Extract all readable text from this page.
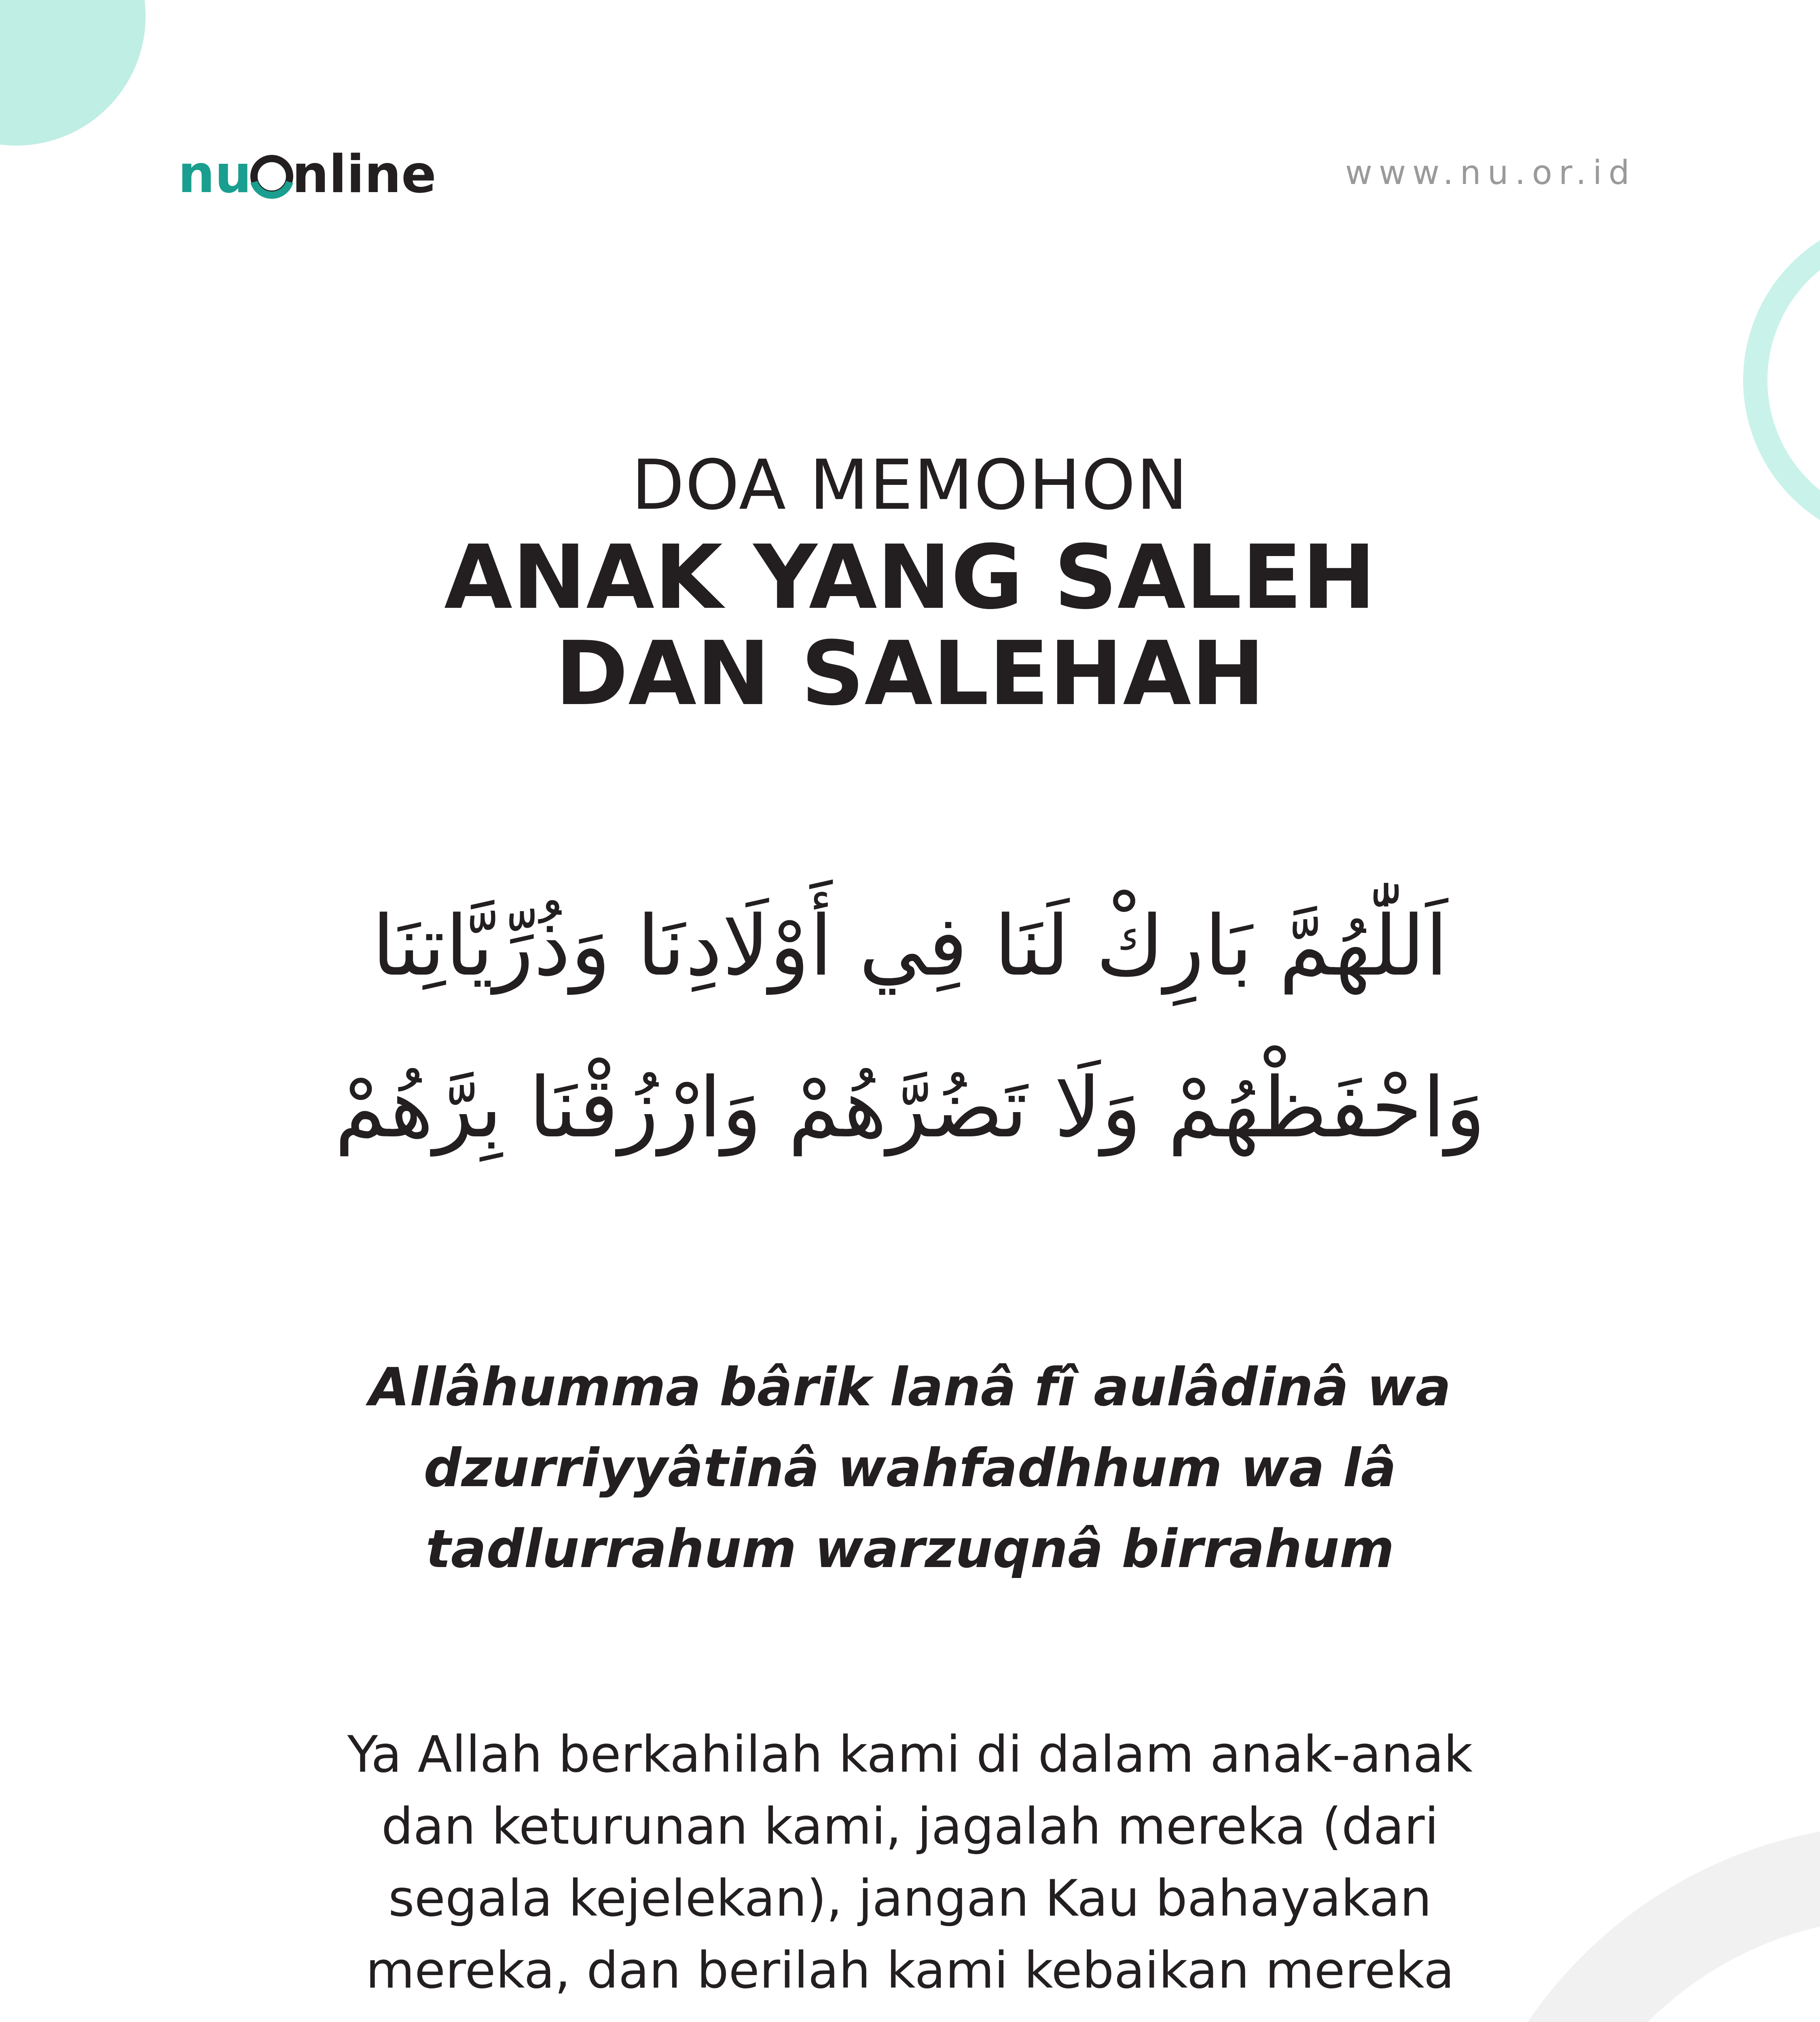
nu nline	www.nu.or.id
DOA MEMOHON
ANAK YANG SALEH
DAN SALEHAH
اَللّٰهُمَّ بَارِكْ لَنَا فِي أَوْلَادِنَا وَذُرِّيَّاتِنَا
وَاحْفَظْهُمْ وَلَا تَضُرَّهُمْ وَارْزُقْنَا بِرَّهُمْ
Allâhumma bârik lanâ fî aulâdinâ wa
dzurriyyâtinâ wahfadhhum wa lâ
tadlurrahum warzuqnâ birrahum
Ya Allah berkahilah kami di dalam anak-anak
dan keturunan kami, jagalah mereka (dari
segala kejelekan), jangan Kau bahayakan
mereka, dan berilah kami kebaikan mereka
